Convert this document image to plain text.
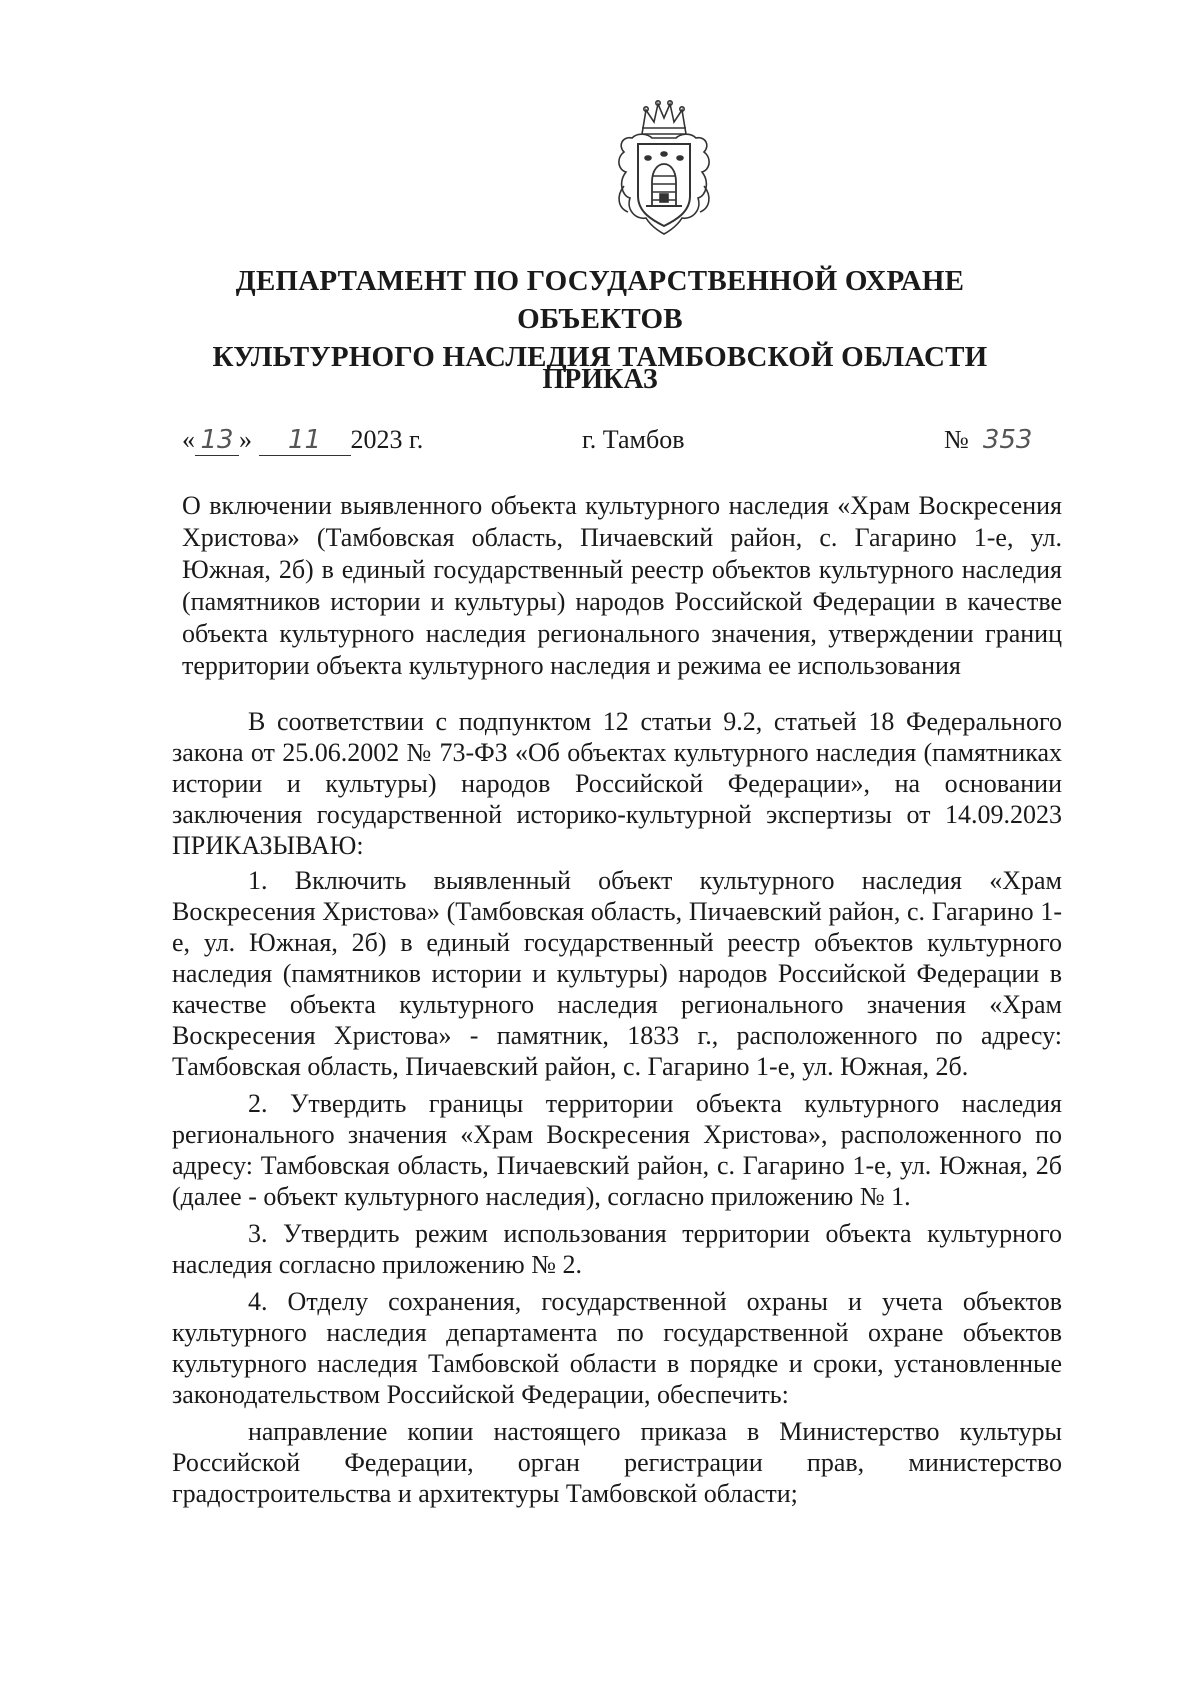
ДЕПАРТАМЕНТ ПО ГОСУДАРСТВЕННОЙ ОХРАНЕ ОБЪЕКТОВ
КУЛЬТУРНОГО НАСЛЕДИЯ ТАМБОВСКОЙ ОБЛАСТИ
ПРИКАЗ
« 13 » 11 2023 г.	г. Тамбов	№ 353
О включении выявленного объекта культурного наследия «Храм Воскресения Христова» (Тамбовская область, Пичаевский район, с. Гагарино 1-е, ул. Южная, 2б) в единый государственный реестр объектов культурного наследия (памятников истории и культуры) народов Российской Федерации в качестве объекта культурного наследия регионального значения, утверждении границ территории объекта культурного наследия и режима ее использования

В соответствии с подпунктом 12 статьи 9.2, статьей 18 Федерального закона от 25.06.2002 № 73-ФЗ «Об объектах культурного наследия (памятниках истории и культуры) народов Российской Федерации», на основании заключения государственной историко-культурной экспертизы от 14.09.2023 ПРИКАЗЫВАЮ:

1. Включить выявленный объект культурного наследия «Храм Воскресения Христова» (Тамбовская область, Пичаевский район, с. Гагарино 1-е, ул. Южная, 2б) в единый государственный реестр объектов культурного наследия (памятников истории и культуры) народов Российской Федерации в качестве объекта культурного наследия регионального значения «Храм Воскресения Христова» - памятник, 1833 г., расположенного по адресу: Тамбовская область, Пичаевский район, с. Гагарино 1-е, ул. Южная, 2б.

2. Утвердить границы территории объекта культурного наследия регионального значения «Храм Воскресения Христова», расположенного по адресу: Тамбовская область, Пичаевский район, с. Гагарино 1-е, ул. Южная, 2б (далее - объект культурного наследия), согласно приложению № 1.

3. Утвердить режим использования территории объекта культурного наследия согласно приложению № 2.

4. Отделу сохранения, государственной охраны и учета объектов культурного наследия департамента по государственной охране объектов культурного наследия Тамбовской области в порядке и сроки, установленные законодательством Российской Федерации, обеспечить:

направление копии настоящего приказа в Министерство культуры Российской Федерации, орган регистрации прав, министерство градостроительства и архитектуры Тамбовской области;
